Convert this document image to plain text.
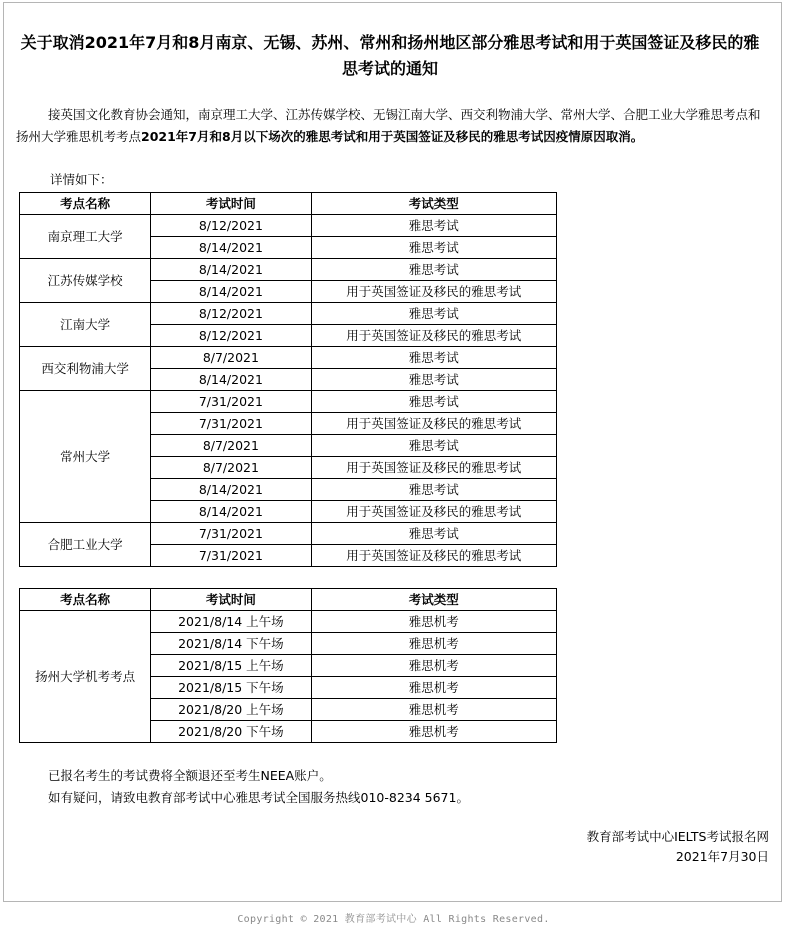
关于取消2021年7月和8月南京、无锡、苏州、常州和扬州地区部分雅思考试和用于英国签证及移民的雅思考试的通知

接英国文化教育协会通知，南京理工大学、江苏传媒学校、无锡江南大学、西交利物浦大学、常州大学、合肥工业大学雅思考点和扬州大学雅思机考考点2021年7月和8月以下场次的雅思考试和用于英国签证及移民的雅思考试因疫情原因取消。

详情如下：
考点名称	考试时间	考试类型
南京理工大学	8/12/2021	雅思考试
	8/14/2021	雅思考试
江苏传媒学校	8/14/2021	雅思考试
	8/14/2021	用于英国签证及移民的雅思考试
江南大学	8/12/2021	雅思考试
	8/12/2021	用于英国签证及移民的雅思考试
西交利物浦大学	8/7/2021	雅思考试
	8/14/2021	雅思考试
常州大学	7/31/2021	雅思考试
	7/31/2021	用于英国签证及移民的雅思考试
	8/7/2021	雅思考试
	8/7/2021	用于英国签证及移民的雅思考试
	8/14/2021	雅思考试
	8/14/2021	用于英国签证及移民的雅思考试
合肥工业大学	7/31/2021	雅思考试
	7/31/2021	用于英国签证及移民的雅思考试
考点名称	考试时间	考试类型
扬州大学机考考点	2021/8/14 上午场	雅思机考
	2021/8/14 下午场	雅思机考
	2021/8/15 上午场	雅思机考
	2021/8/15 下午场	雅思机考
	2021/8/20 上午场	雅思机考
	2021/8/20 下午场	雅思机考
已报名考生的考试费将全额退还至考生NEEA账户。
如有疑问，请致电教育部考试中心雅思考试全国服务热线010-8234 5671。
教育部考试中心IELTS考试报名网
2021年7月30日
Copyright © 2021 教育部考试中心 All Rights Reserved.
